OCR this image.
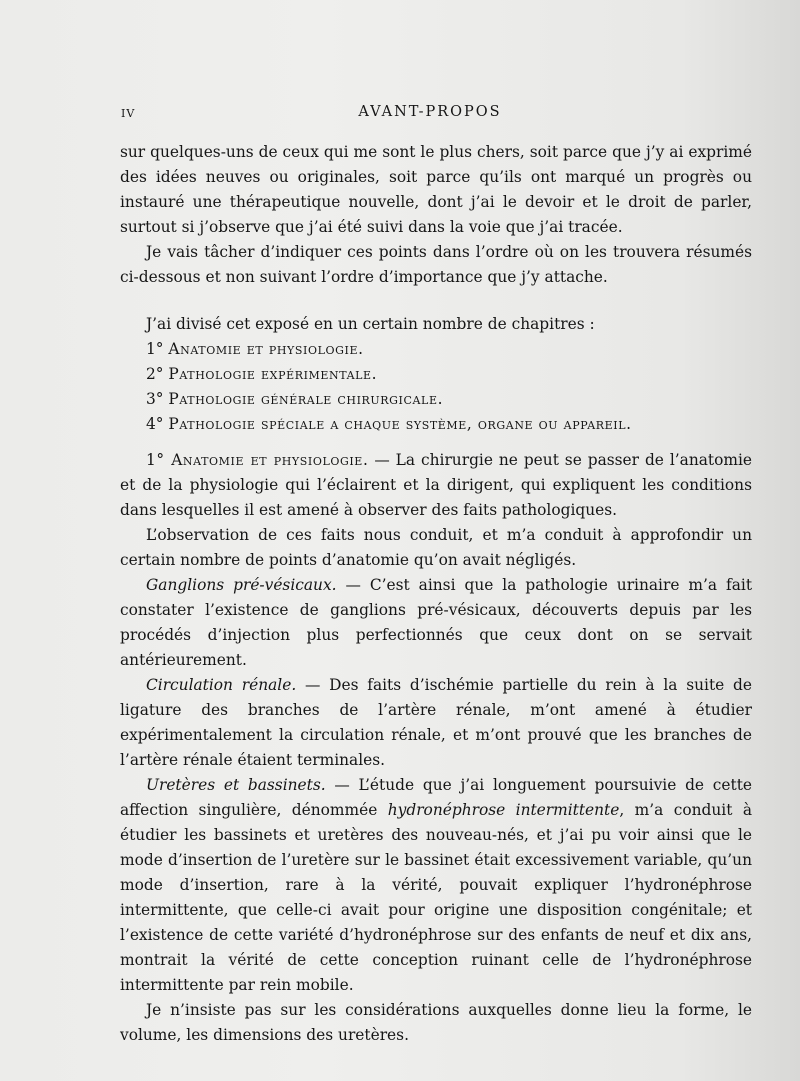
IV	AVANT-PROPOS

sur quelques-uns de ceux qui me sont le plus chers, soit parce que j’y ai exprimé des idées neuves ou originales, soit parce qu’ils ont marqué un progrès ou instauré une thérapeutique nouvelle, dont j’ai le devoir et le droit de parler, surtout si j’observe que j’ai été suivi dans la voie que j’ai tracée.

Je vais tâcher d’indiquer ces points dans l’ordre où on les trouvera résumés ci-dessous et non suivant l’ordre d’importance que j’y attache.

J’ai divisé cet exposé en un certain nombre de chapitres :

1° Anatomie et physiologie.

2° Pathologie expérimentale.

3° Pathologie générale chirurgicale.

4° Pathologie spéciale a chaque système, organe ou appareil.

1° Anatomie et physiologie. — La chirurgie ne peut se passer de l’anatomie et de la physiologie qui l’éclairent et la dirigent, qui expliquent les conditions dans lesquelles il est amené à observer des faits pathologiques.

L’observation de ces faits nous conduit, et m’a conduit à approfondir un certain nombre de points d’anatomie qu’on avait négligés.

Ganglions pré-vésicaux. — C’est ainsi que la pathologie urinaire m’a fait constater l’existence de ganglions pré-vésicaux, découverts depuis par les procédés d’injection plus perfectionnés que ceux dont on se servait antérieurement.

Circulation rénale. — Des faits d’ischémie partielle du rein à la suite de ligature des branches de l’artère rénale, m’ont amené à étudier expérimentalement la circulation rénale, et m’ont prouvé que les branches de l’artère rénale étaient terminales.

Uretères et bassinets. — L’étude que j’ai longuement poursuivie de cette affection singulière, dénommée hydronéphrose intermittente, m’a conduit à étudier les bassinets et uretères des nouveau-nés, et j’ai pu voir ainsi que le mode d’insertion de l’uretère sur le bassinet était excessivement variable, qu’un mode d’insertion, rare à la vérité, pouvait expliquer l’hydronéphrose intermittente, que celle-ci avait pour origine une disposition congénitale; et l’existence de cette variété d’hydronéphrose sur des enfants de neuf et dix ans, montrait la vérité de cette conception ruinant celle de l’hydronéphrose intermittente par rein mobile.

Je n’insiste pas sur les considérations auxquelles donne lieu la forme, le volume, les dimensions des uretères.
